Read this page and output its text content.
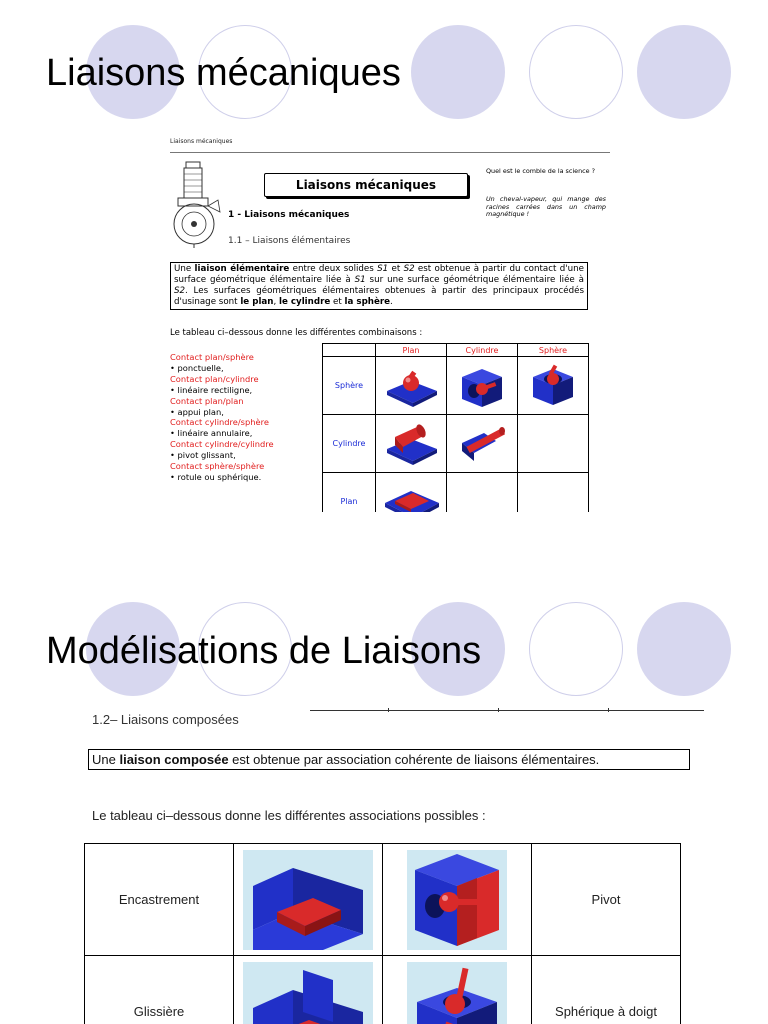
Liaisons mécaniques
Liaisons mécaniques
Liaisons mécaniques
1 - Liaisons mécaniques
1.1 – Liaisons élémentaires
Quel est le comble de la science ?
Un cheval-vapeur, qui mange des racines carrées dans un champ magnétique !
Une liaison élémentaire entre deux solides S1 et S2 est obtenue à partir du contact d'une surface géométrique élémentaire liée à S1 sur une surface géométrique élémentaire liée à S2. Les surfaces géométriques élémentaires obtenues à partir des principaux procédés d'usinage sont le plan, le cylindre et la sphère.
Le tableau ci–dessous donne les différentes combinaisons :
Contact plan/sphère
• ponctuelle,
Contact plan/cylindre
• linéaire rectiligne,
Contact plan/plan
• appui plan,
Contact cylindre/sphère
• linéaire annulaire,
Contact cylindre/cylindre
• pivot glissant,
Contact sphère/sphère
• rotule ou sphérique.
	Plan	Cylindre	Sphère
Sphère	

Cylindre	

Plan	

Modélisations de Liaisons
1.2– Liaisons composées
Une liaison composée est obtenue par association cohérente de liaisons élémentaires.
Le tableau ci–dessous donne les différentes associations possibles :
Encastrement			Pivot
Glissière			Sphérique à doigt
